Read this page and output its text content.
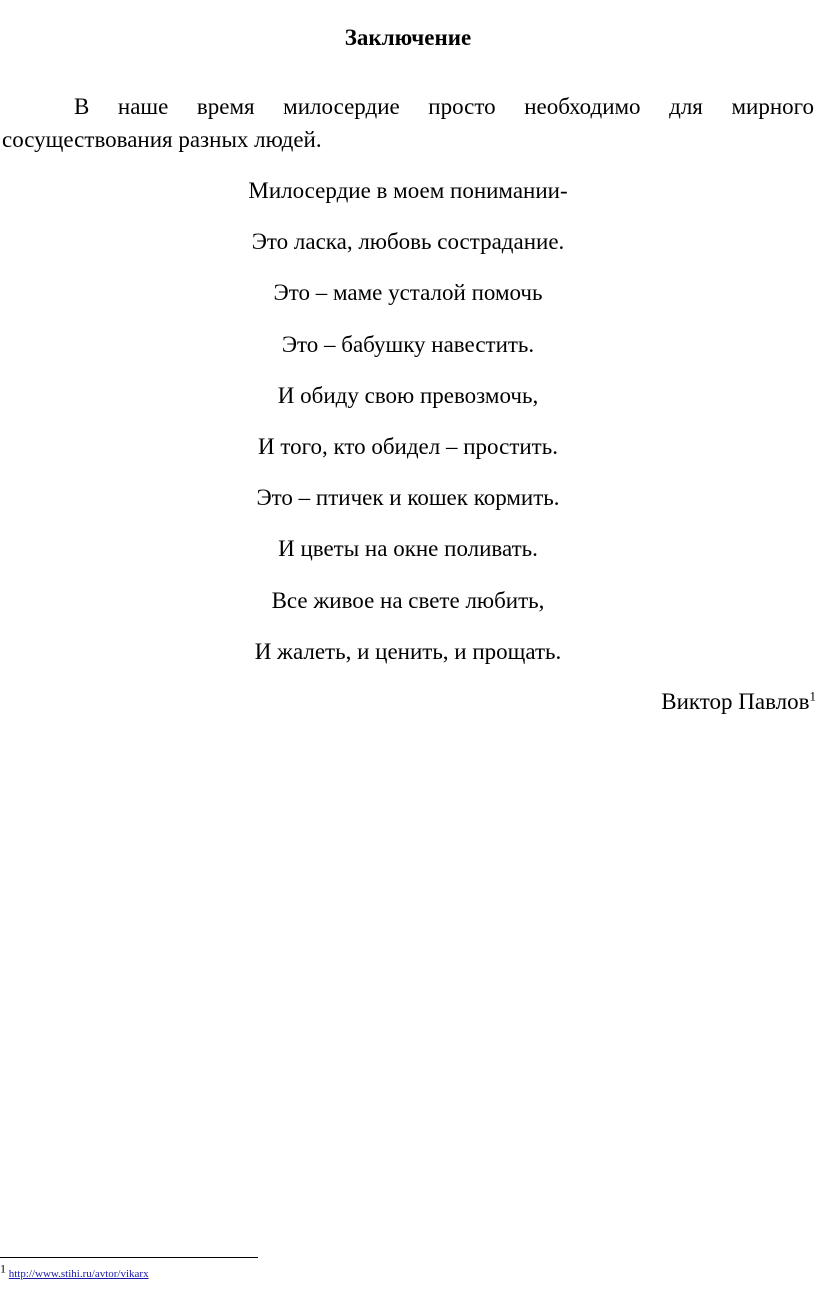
Заключение
В наше время милосердие просто необходимо для мирного
сосуществования разных людей.
Милосердие в моем понимании-
Это ласка, любовь сострадание.
Это – маме усталой помочь
Это – бабушку навестить.
И обиду свою превозмочь,
И того, кто обидел – простить.
Это – птичек и кошек кормить.
И цветы на окне поливать.
Все живое на свете любить,
И жалеть, и ценить, и прощать.
Виктор Павлов$^1$
$^1$ http://www.stihi.ru/avtor/vikarx
